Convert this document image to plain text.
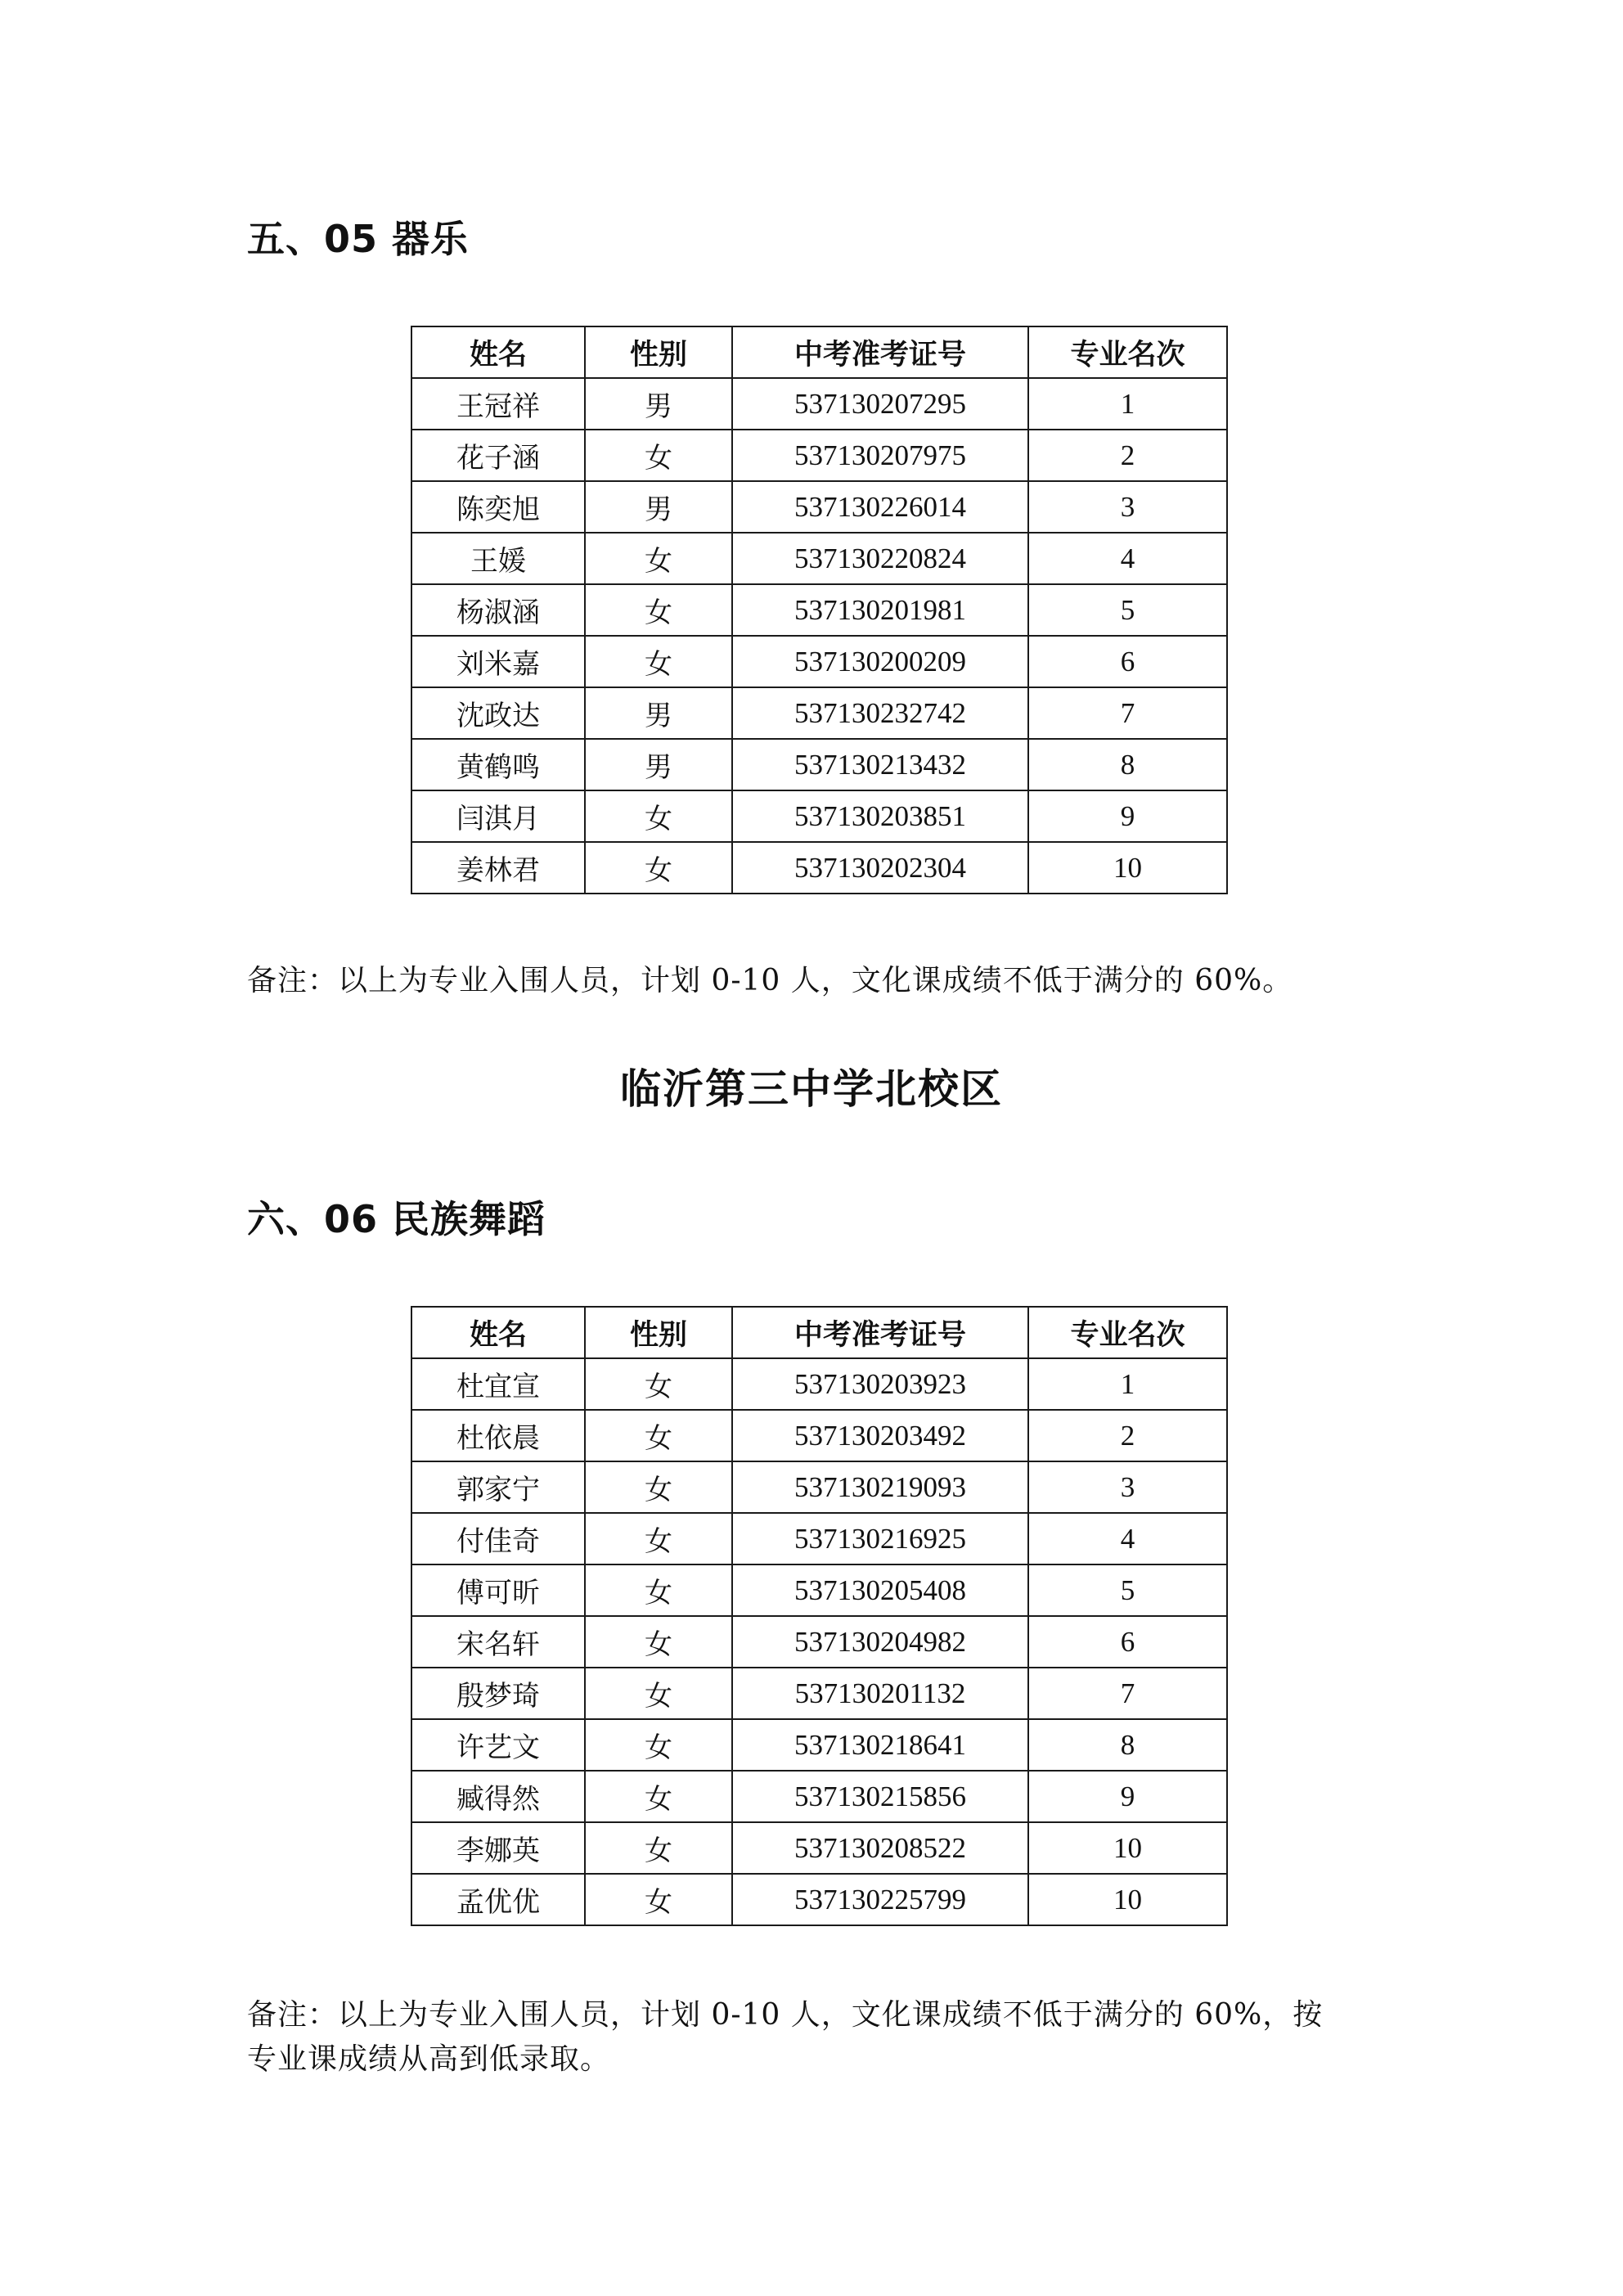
五、05 器乐
姓名	性别	中考准考证号	专业名次
王冠祥	男	537130207295	1
花子涵	女	537130207975	2
陈奕旭	男	537130226014	3
王媛	女	537130220824	4
杨淑涵	女	537130201981	5
刘米嘉	女	537130200209	6
沈政达	男	537130232742	7
黄鹤鸣	男	537130213432	8
闫淇月	女	537130203851	9
姜林君	女	537130202304	10

备注：以上为专业入围人员，计划 0-10 人，文化课成绩不低于满分的 60%。

临沂第三中学北校区
六、06 民族舞蹈
姓名	性别	中考准考证号	专业名次
杜宜宣	女	537130203923	1
杜依晨	女	537130203492	2
郭家宁	女	537130219093	3
付佳奇	女	537130216925	4
傅可昕	女	537130205408	5
宋名轩	女	537130204982	6
殷梦琦	女	537130201132	7
许艺文	女	537130218641	8
臧得然	女	537130215856	9
李娜英	女	537130208522	10
孟优优	女	537130225799	10

备注：以上为专业入围人员，计划 0-10 人，文化课成绩不低于满分的 60%，按
专业课成绩从高到低录取。
